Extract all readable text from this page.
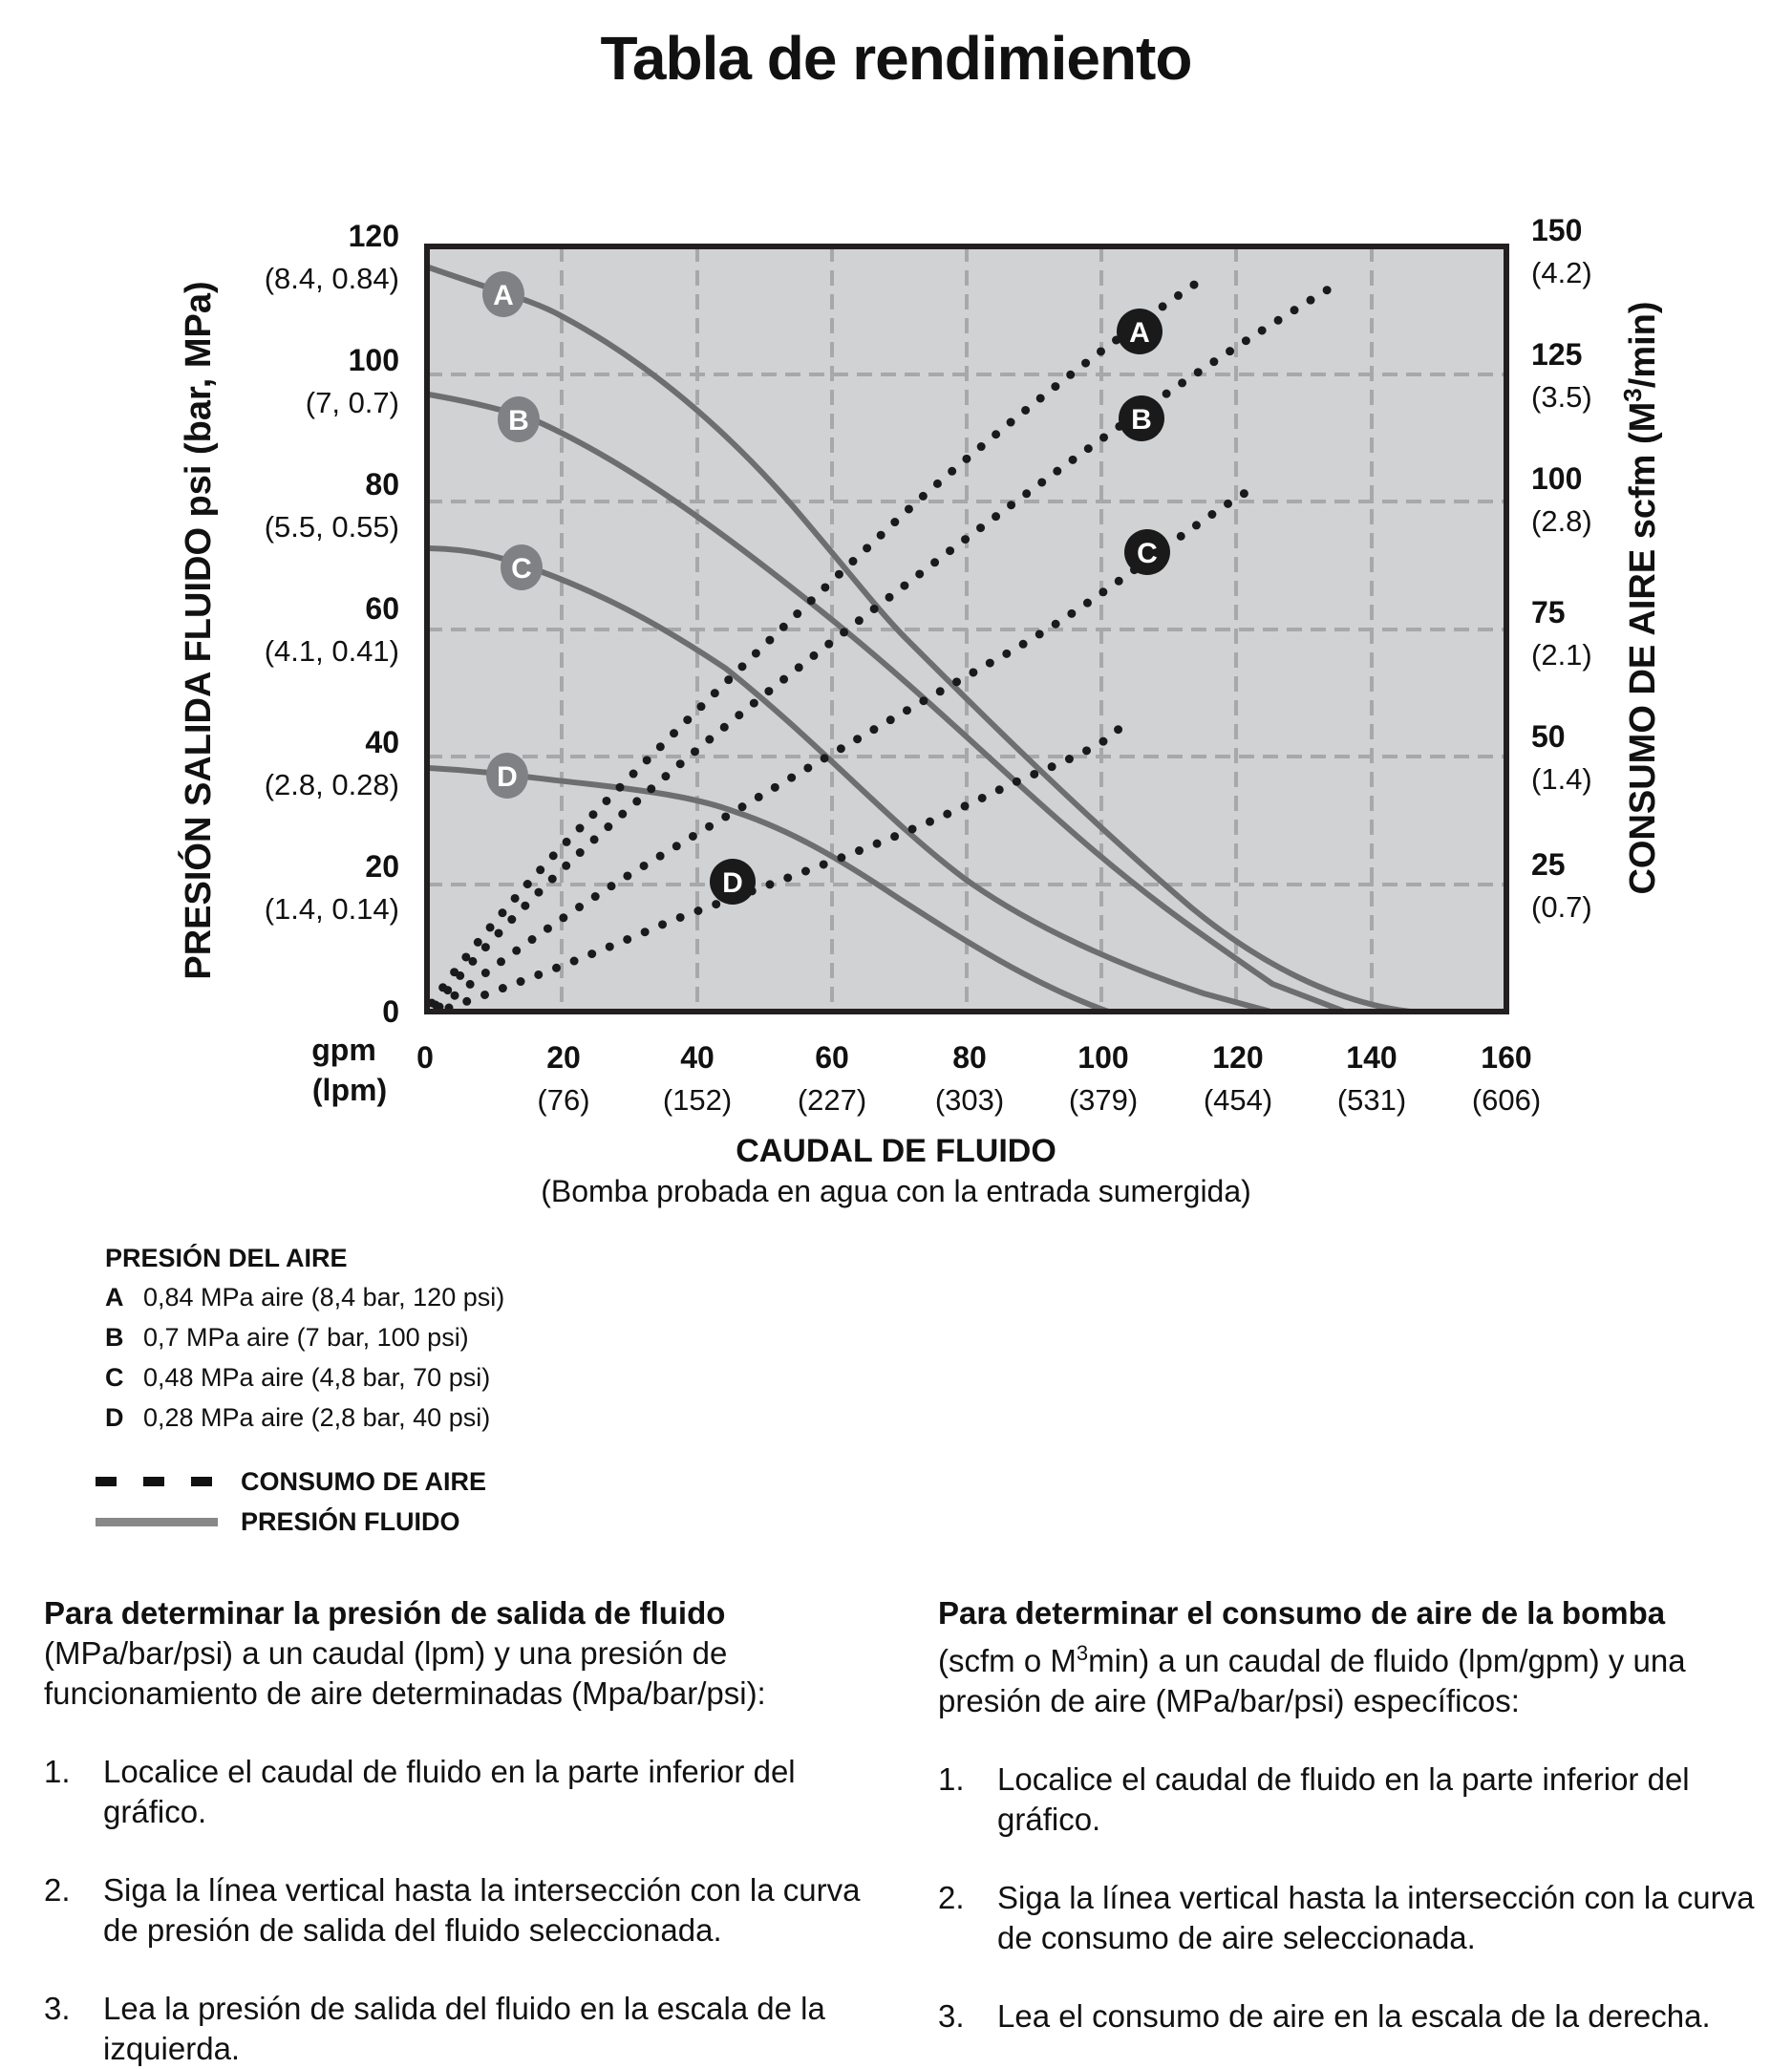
Tabla de rendimiento
A
B
C
D
A
B
C
D
120
(8.4, 0.84)
100
(7, 0.7)
80
(5.5, 0.55)
60
(4.1, 0.41)
40
(2.8, 0.28)
20
(1.4, 0.14)
0
PRESIÓN SALIDA FLUIDO psi (bar, MPa)
150
(4.2)
125
(3.5)
100
(2.8)
75
(2.1)
50
(1.4)
25
(0.7)
CONSUMO DE AIRE scfm $(M^3/\min)$
gpm
(lpm)
0	20
(76)
40
(152)
60
(227)
80
(303)
100
(379)
120
(454)
140
(531)
160
(606)
CAUDAL DE FLUIDO
(Bomba probada en agua con la entrada sumergida)
PRESIÓN DEL AIRE
A 0,84 MPa aire (8,4 bar, 120 psi)
B 0,7 MPa aire (7 bar, 100 psi)
C 0,48 MPa aire (4,8 bar, 70 psi)
D 0,28 MPa aire (2,8 bar, 40 psi)
CONSUMO DE AIRE
PRESIÓN FLUIDO
Para determinar la presión de salida de fluido
(MPa/bar/psi) a un caudal (lpm) y una presión de funcionamiento de aire determinadas (Mpa/bar/psi):
1.	Localice el caudal de fluido en la parte inferior del gráfico.
2.	Siga la línea vertical hasta la intersección con la curva de presión de salida del fluido seleccionada.
3.	Lea la presión de salida del fluido en la escala de la izquierda.
Para determinar el consumo de aire de la bomba
(scfm o $M^3\min$) a un caudal de fluido (lpm/gpm) y una presión de aire (MPa/bar/psi) específicos:
1.	Localice el caudal de fluido en la parte inferior del gráfico.
2.	Siga la línea vertical hasta la intersección con la curva de consumo de aire seleccionada.
3.	Lea el consumo de aire en la escala de la derecha.
